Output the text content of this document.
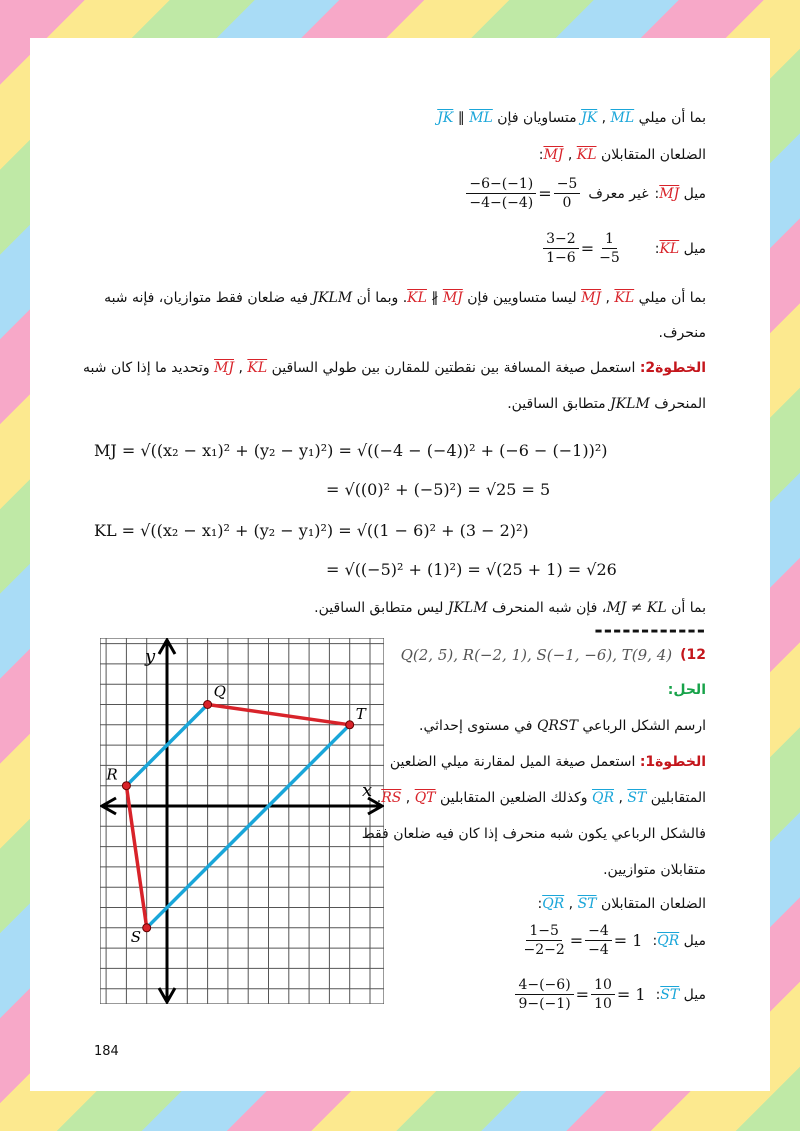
بما أن ميلي JK , ML متساويان فإن JK ∥ ML
الضلعان المتقابلان MJ , KL:
ميل MJ:
غير معرف
$\frac{-6-(-1)}{-4-(-4)} = \frac{-5}{0}$
ميل KL:
$\frac{3-2}{1-6} = \frac{1}{-5}$
بما أن ميلي MJ , KL ليسا متساويين فإن KL ∦ MJ. وبما أن JKLM فيه ضلعان فقط متوازيان، فإنه شبه
منحرف.
الخطوة2: استعمل صيغة المسافة بين نقطتين للمقارن بين طولي الساقين MJ , KL وتحديد ما إذا كان شبه
المنحرف JKLM متطابق الساقين.
MJ = √((x₂ − x₁)² + (y₂ − y₁)²) = √((−4 − (−4))² + (−6 − (−1))²)
= √((0)² + (−5)²) = √25 = 5
KL = √((x₂ − x₁)² + (y₂ − y₁)²) = √((1 − 6)² + (3 − 2)²)
= √((−5)² + (1)²) = √(25 + 1) = √26
بما أن MJ ≠ KL، فإن شبه المنحرف JKLM ليس متطابق الساقين.
------------
x
y
Q
R
S
T
Q(2, 5), R(−2, 1), S(−1, −6), T(9, 4) (12
الحل:
ارسم الشكل الرباعي QRST في مستوى إحداثي.
الخطوة1: استعمل صيغة الميل لمقارنة ميلي الضلعين
المتقابلين QR , ST وكذلك الضلعين المتقابلين RS , QT.
فالشكل الرباعي يكون شبه منحرف إذا كان فيه ضلعان فقط
متقابلان متوازيين.
الضلعان المتقابلان QR , ST:
ميل QR:
$\frac{1-5}{-2-2} = \frac{-4}{-4} = 1$
ميل ST:
$\frac{4-(-6)}{9-(-1)} = \frac{10}{10} = 1$
184
